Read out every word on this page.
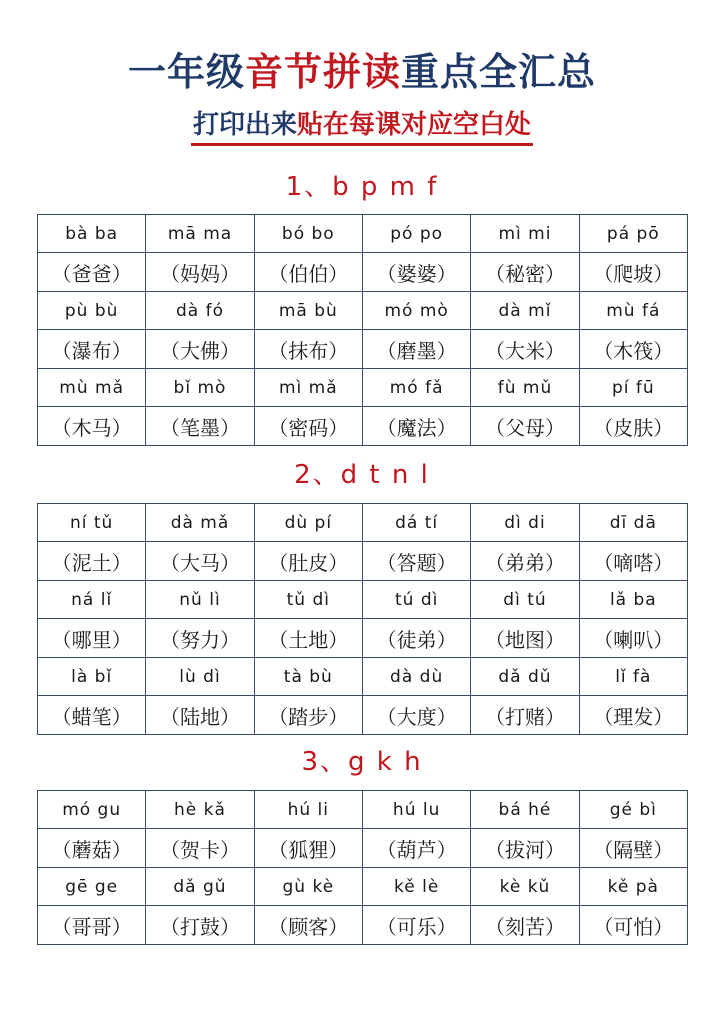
一年级音节拼读重点全汇总
打印出来贴在每课对应空白处
1、b p m f
bà ba	mā ma	bó bo	pó po	mì mi	pá pō
（爸爸）	（妈妈）	（伯伯）	（婆婆）	（秘密）	（爬坡）
pù bù	dà fó	mā bù	mó mò	dà mǐ	mù fá
（瀑布）	（大佛）	（抹布）	（磨墨）	（大米）	（木筏）
mù mǎ	bǐ mò	mì mǎ	mó fǎ	fù mǔ	pí fū
（木马）	（笔墨）	（密码）	（魔法）	（父母）	（皮肤）
2、d t n l
ní tǔ	dà mǎ	dù pí	dá tí	dì di	dī dā
（泥土）	（大马）	（肚皮）	（答题）	（弟弟）	（嘀嗒）
ná lǐ	nǔ lì	tǔ dì	tú dì	dì tú	lǎ ba
（哪里）	（努力）	（土地）	（徒弟）	（地图）	（喇叭）
là bǐ	lù dì	tà bù	dà dù	dǎ dǔ	lǐ fà
（蜡笔）	（陆地）	（踏步）	（大度）	（打赌）	（理发）
3、g k h
mó gu	hè kǎ	hú li	hú lu	bá hé	gé bì
（蘑菇）	（贺卡）	（狐狸）	（葫芦）	（拔河）	（隔壁）
gē ge	dǎ gǔ	gù kè	kě lè	kè kǔ	kě pà
（哥哥）	（打鼓）	（顾客）	（可乐）	（刻苦）	（可怕）
